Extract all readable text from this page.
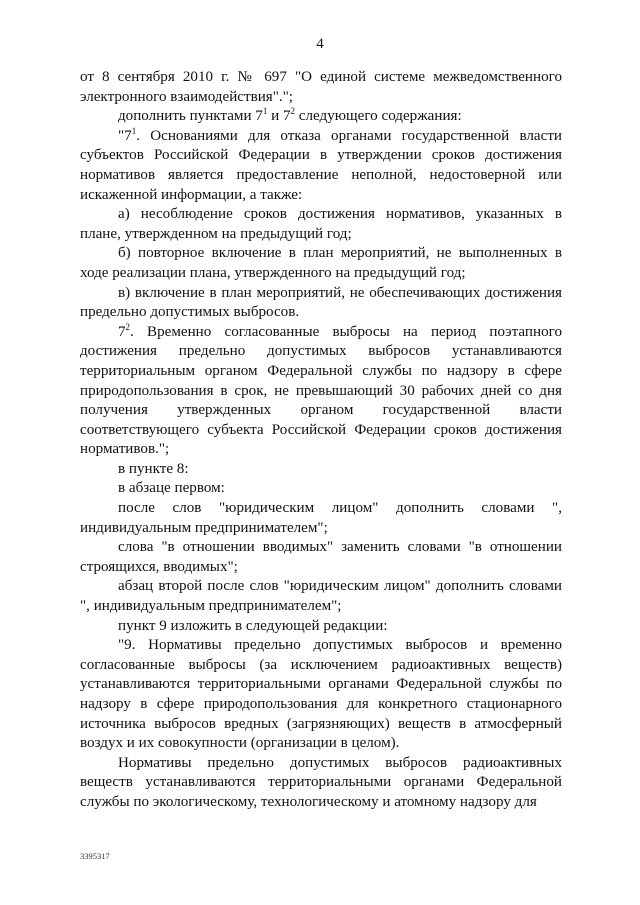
4

от 8 сентября 2010 г. № 697 "О единой системе межведомственного электронного взаимодействия".";

дополнить пунктами $7^1$ и $7^2$ следующего содержания:

"$7^1$. Основаниями для отказа органами государственной власти субъектов Российской Федерации в утверждении сроков достижения нормативов является предоставление неполной, недостоверной или искаженной информации, а также:

а) несоблюдение сроков достижения нормативов, указанных в плане, утвержденном на предыдущий год;

б) повторное включение в план мероприятий, не выполненных в ходе реализации плана, утвержденного на предыдущий год;

в) включение в план мероприятий, не обеспечивающих достижения предельно допустимых выбросов.

$7^2$. Временно согласованные выбросы на период поэтапного достижения предельно допустимых выбросов устанавливаются территориальным органом Федеральной службы по надзору в сфере природопользования в срок, не превышающий 30 рабочих дней со дня получения утвержденных органом государственной власти соответствующего субъекта Российской Федерации сроков достижения нормативов.";

в пункте 8:

в абзаце первом:

после слов "юридическим лицом" дополнить словами ", индивидуальным предпринимателем";

слова "в отношении вводимых" заменить словами "в отношении строящихся, вводимых";

абзац второй после слов "юридическим лицом" дополнить словами ", индивидуальным предпринимателем";

пункт 9 изложить в следующей редакции:

"9. Нормативы предельно допустимых выбросов и временно согласованные выбросы (за исключением радиоактивных веществ) устанавливаются территориальными органами Федеральной службы по надзору в сфере природопользования для конкретного стационарного источника выбросов вредных (загрязняющих) веществ в атмосферный воздух и их совокупности (организации в целом).

Нормативы предельно допустимых выбросов радиоактивных веществ устанавливаются территориальными органами Федеральной службы по экологическому, технологическому и атомному надзору для

3395317
